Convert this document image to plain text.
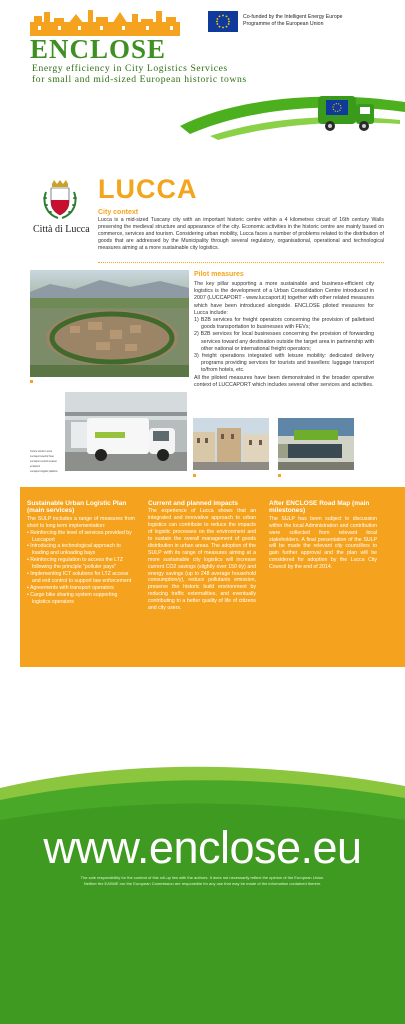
ENCLOSE
Energy efficiency in City Logistics Services
for small and mid-sized European historic towns
Co-funded by the Intelligent Energy Europe Programme of the European Union
Città di Lucca
LUCCA
City context
Lucca is a mid-sized Tuscany city with an important historic centre within a 4 kilometres circuit of 16th century Walls preserving the medieval structure and appearance of the city. Economic activities in the historic centre are mainly based on commerce, services and tourism. Considering urban mobility, Lucca faces a number of problems related to the distribution of goods that are addressed by the Municipality through several regulatory, organisational, operational and technological measures aiming at a more sustainable city logistics.
Centro storico Lucca
Luccaport electric fleet
Luccaport veicoli a basso emissioni
Luccaport logistic platform
Pilot measures

The key pillar supporting a more sustainable and business-efficient city logistics is the development of a Urban Consolidation Centre introduced in 2007 (LUCCAPORT - www.luccaport.it) together with other related measures which have been introduced alongside. ENCLOSE piloted measures for Lucca include:

1) B2B services for freight operators concerning the provision of palletised goods transportation to businesses with FEVs;
2) B2B services for local businesses concerning the provision of forwarding services toward any destination outside the target area in partnership with other national or international freight operators;
3) freight operations integrated with leisure mobility: dedicated delivery programs providing services for tourists and travellers: luggage transport to/from hotels, etc.

All the piloted measures have been demonstrated in the broader operative context of LUCCAPORT which includes several other services and activities.

Sustainable Urban Logistic Plan (main services)

The SULP includes a range of measures from short to long term implementation:

• Reinforcing the level of services provided by Luccaport
• Introducing a technological approach to loading and unloading bays
• Reinforcing regulation to access the LTZ following the principle "polluter pays"
• Implementing ICT solutions for LTZ access and exit control to support law enforcement
• Agreements with transport operators
• Cargo bike sharing system supporting logistics operators
Current and planned impacts

The experience of Lucca shows that an integrated and innovative approach to urban logistics can contribute to reduce the impacts of logistic processes on the environment and to sustain the overall management of goods distribution in urban areas. The adoption of the SULP with its range of measures aiming at a more sustainable city logistics will increase current CO2 savings (slightly over 150 t/y) and energy savings (up to 248 average household consumption/y), reduce pollutants emission, preserve the historic build environment by reducing traffic externalities, and eventually contributing to a better quality of life of citizens and city users.

After ENCLOSE Road Map (main milestones)

The SULP has been subject to discussion within the local Administration and contribution were collected from relevant local stakeholders. A final presentation of the SULP will be made the relevant city councillors to gain further approval and the plan will be considered for adoption by the Lucca City Council by the end of 2014.

www.enclose.eu
The sole responsibility for the content of this roll-up lies with the authors. It does not necessarily reflect the opinion of the European Union.
Neither the EASME nor the European Commission are responsible for any use that may be made of the information contained therein.
